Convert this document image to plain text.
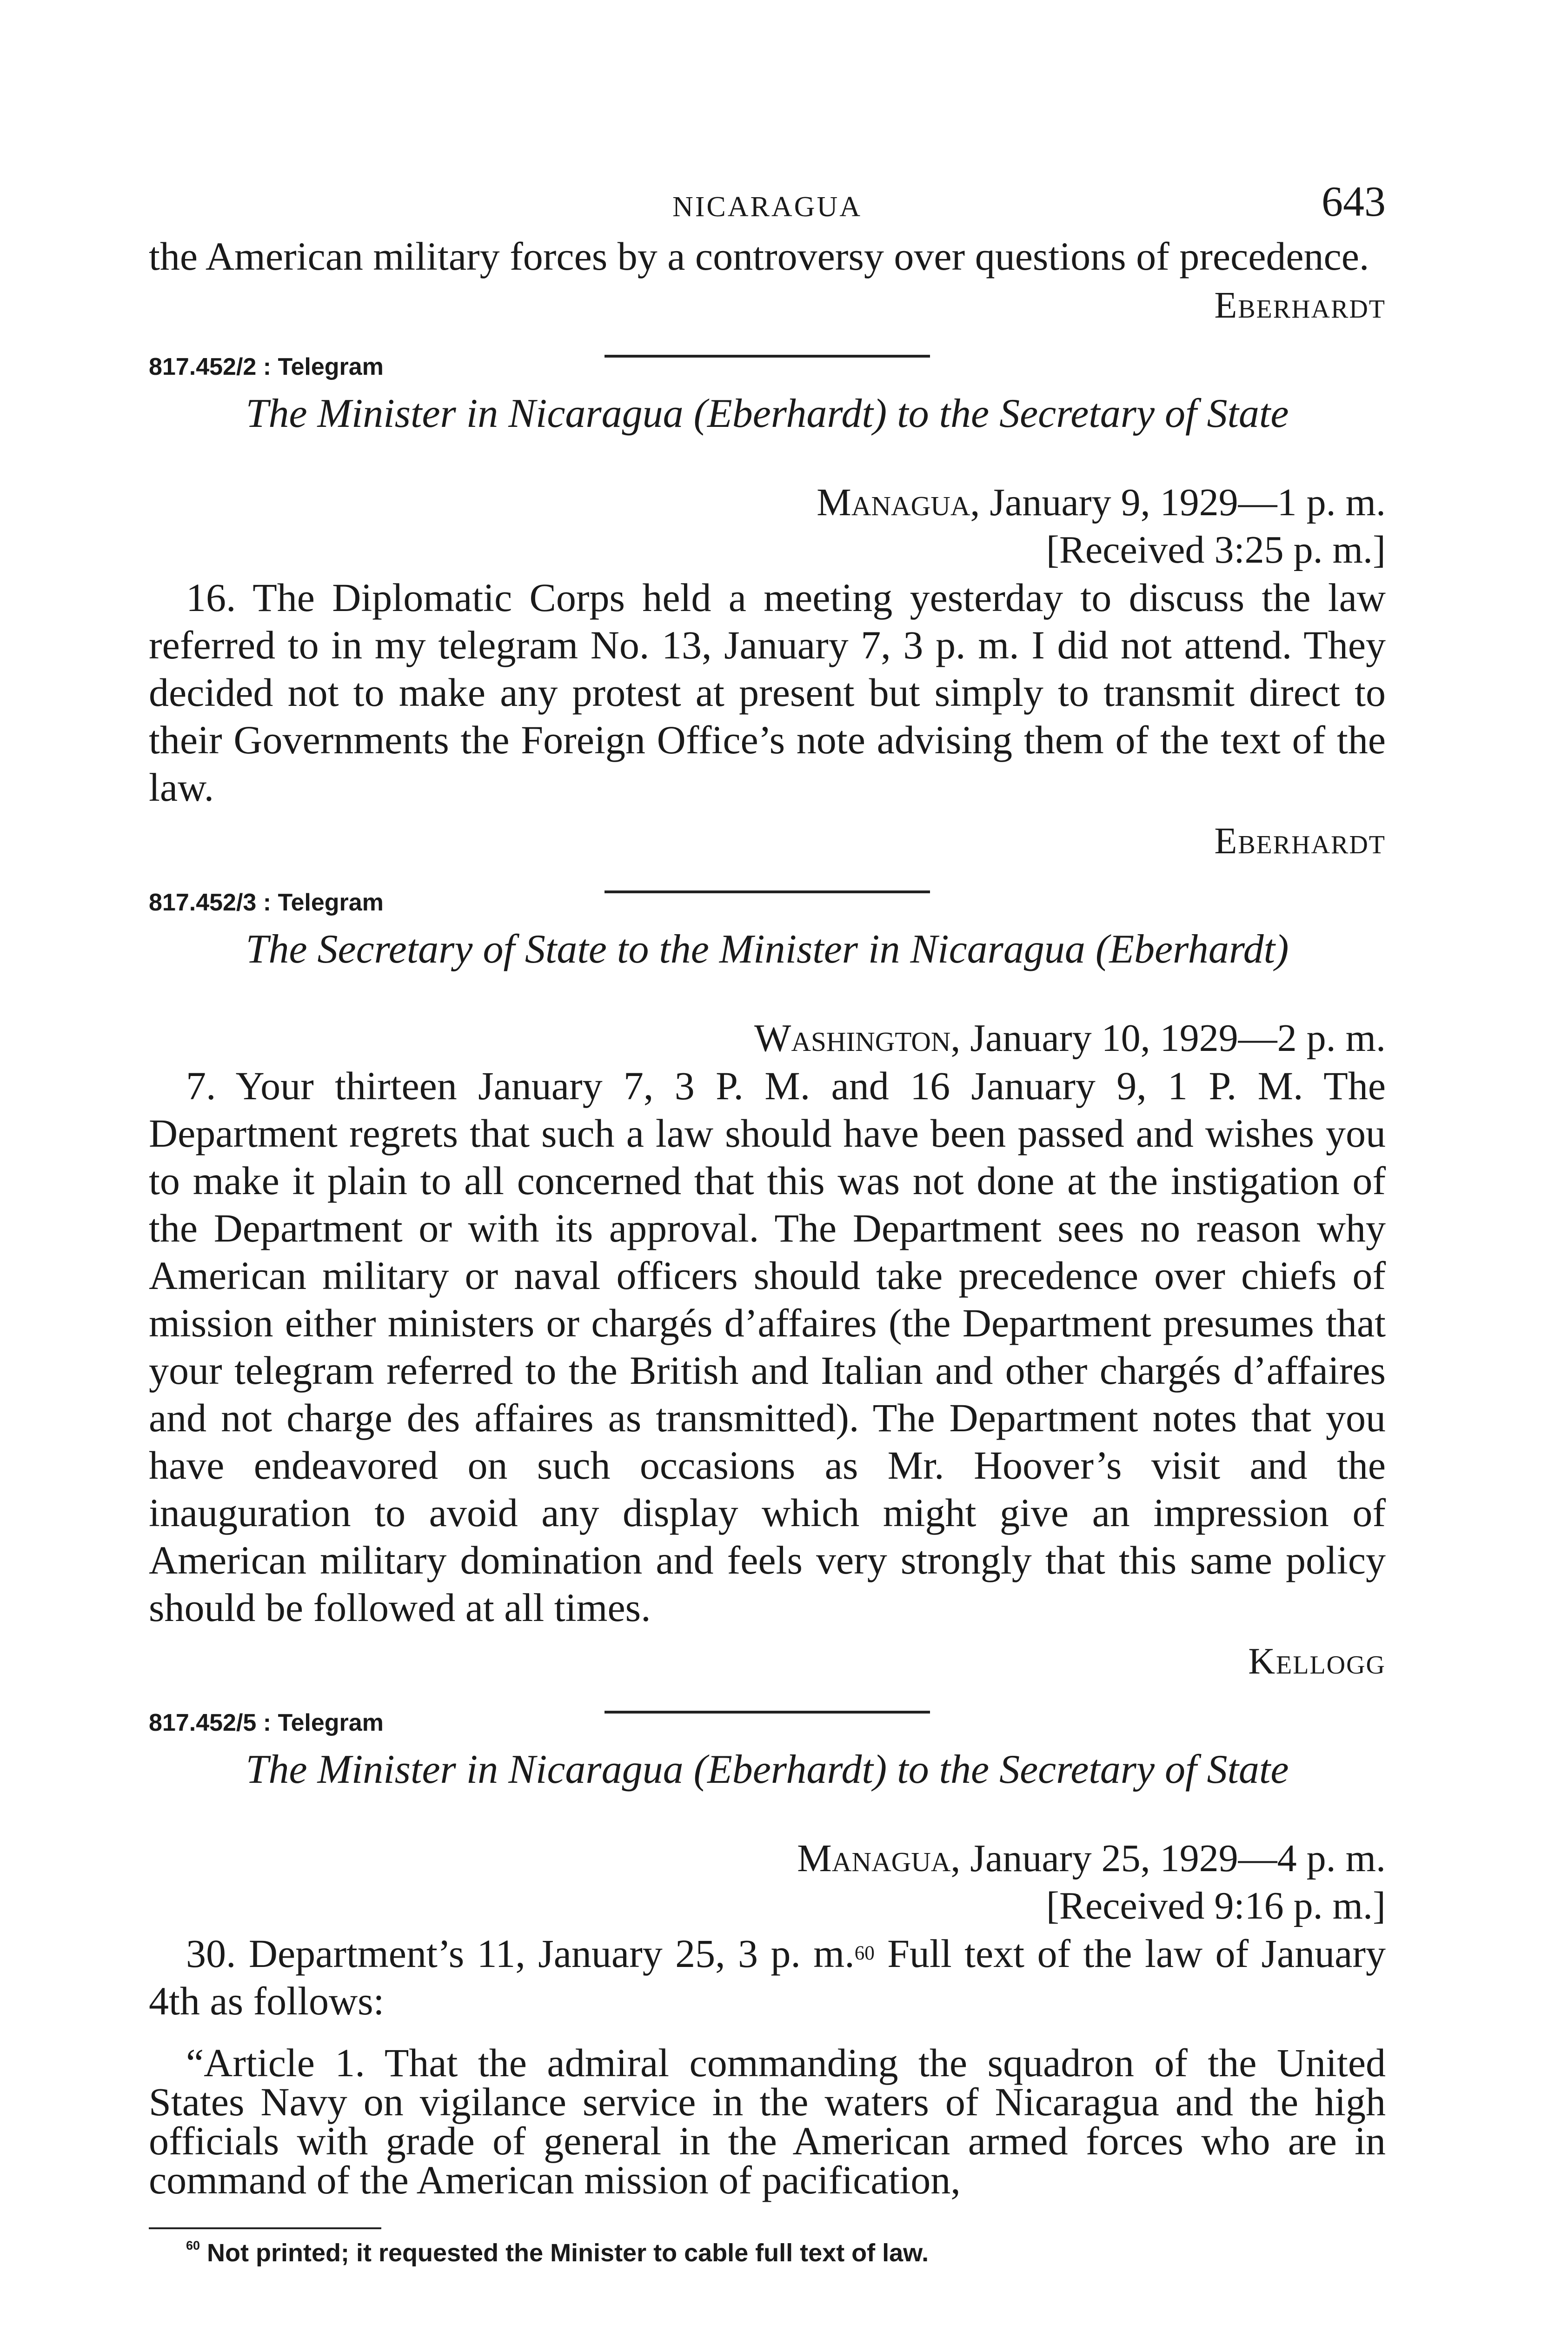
NICARAGUA	643

the American military forces by a controversy over questions of precedence.

Eberhardt
817.452/2 : Telegram
The Minister in Nicaragua (Eberhardt) to the Secretary of State
Managua, January 9, 1929—1 p. m.
[Received 3:25 p. m.]

16. The Diplomatic Corps held a meeting yesterday to discuss the law referred to in my telegram No. 13, January 7, 3 p. m. I did not attend. They decided not to make any protest at present but simply to transmit direct to their Governments the Foreign Office’s note advising them of the text of the law.

Eberhardt
817.452/3 : Telegram
The Secretary of State to the Minister in Nicaragua (Eberhardt)
Washington, January 10, 1929—2 p. m.

7. Your thirteen January 7, 3 P. M. and 16 January 9, 1 P. M. The Department regrets that such a law should have been passed and wishes you to make it plain to all concerned that this was not done at the instigation of the Department or with its approval. The Department sees no reason why American military or naval officers should take precedence over chiefs of mission either ministers or chargés d’affaires (the Department presumes that your telegram referred to the British and Italian and other chargés d’affaires and not charge des affaires as transmitted). The Department notes that you have endeavored on such occasions as Mr. Hoover’s visit and the inauguration to avoid any display which might give an impression of American military domination and feels very strongly that this same policy should be followed at all times.

Kellogg
817.452/5 : Telegram
The Minister in Nicaragua (Eberhardt) to the Secretary of State
Managua, January 25, 1929—4 p. m.
[Received 9:16 p. m.]

30. Department’s 11, January 25, 3 p. m.$^{60}$ Full text of the law of January 4th as follows:

“Article 1. That the admiral commanding the squadron of the United States Navy on vigilance service in the waters of Nicaragua and the high officials with grade of general in the American armed forces who are in command of the American mission of pacification,

$^{60}$ Not printed; it requested the Minister to cable full text of law.
